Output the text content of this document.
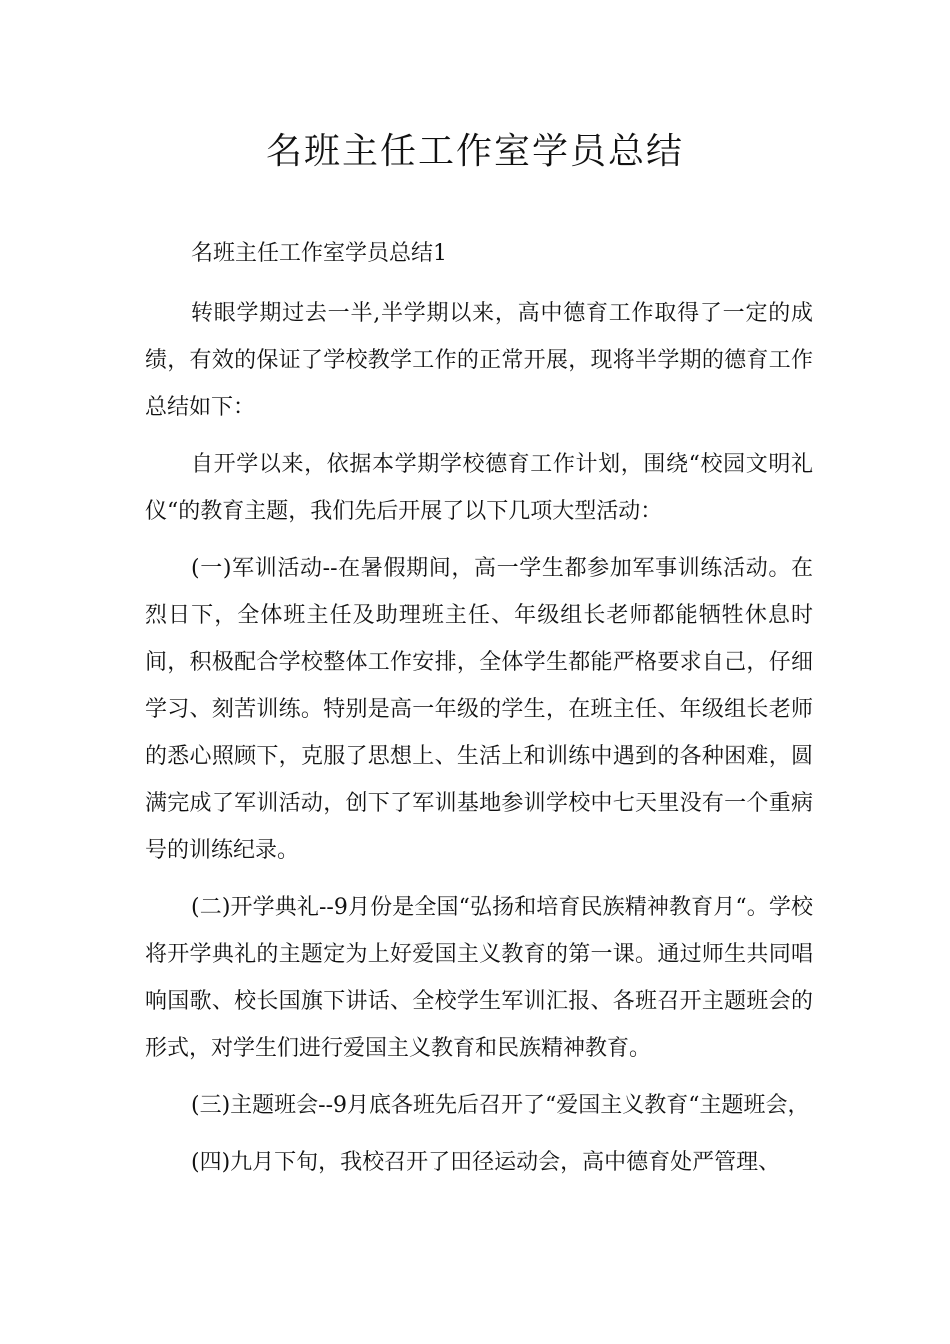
名班主任工作室学员总结

名班主任工作室学员总结1

转眼学期过去一半,半学期以来，高中德育工作取得了一定的成绩，有效的保证了学校教学工作的正常开展，现将半学期的德育工作总结如下：

自开学以来，依据本学期学校德育工作计划，围绕“校园文明礼仪“的教育主题，我们先后开展了以下几项大型活动：

(一)军训活动--在暑假期间，高一学生都参加军事训练活动。在烈日下，全体班主任及助理班主任、年级组长老师都能牺牲休息时间，积极配合学校整体工作安排，全体学生都能严格要求自己，仔细学习、刻苦训练。特别是高一年级的学生，在班主任、年级组长老师的悉心照顾下，克服了思想上、生活上和训练中遇到的各种困难，圆满完成了军训活动，创下了军训基地参训学校中七天里没有一个重病号的训练纪录。

(二)开学典礼--9月份是全国“弘扬和培育民族精神教育月“。学校将开学典礼的主题定为上好爱国主义教育的第一课。通过师生共同唱响国歌、校长国旗下讲话、全校学生军训汇报、各班召开主题班会的形式，对学生们进行爱国主义教育和民族精神教育。

(三)主题班会--9月底各班先后召开了“爱国主义教育“主题班会，

(四)九月下旬，我校召开了田径运动会，高中德育处严管理、
